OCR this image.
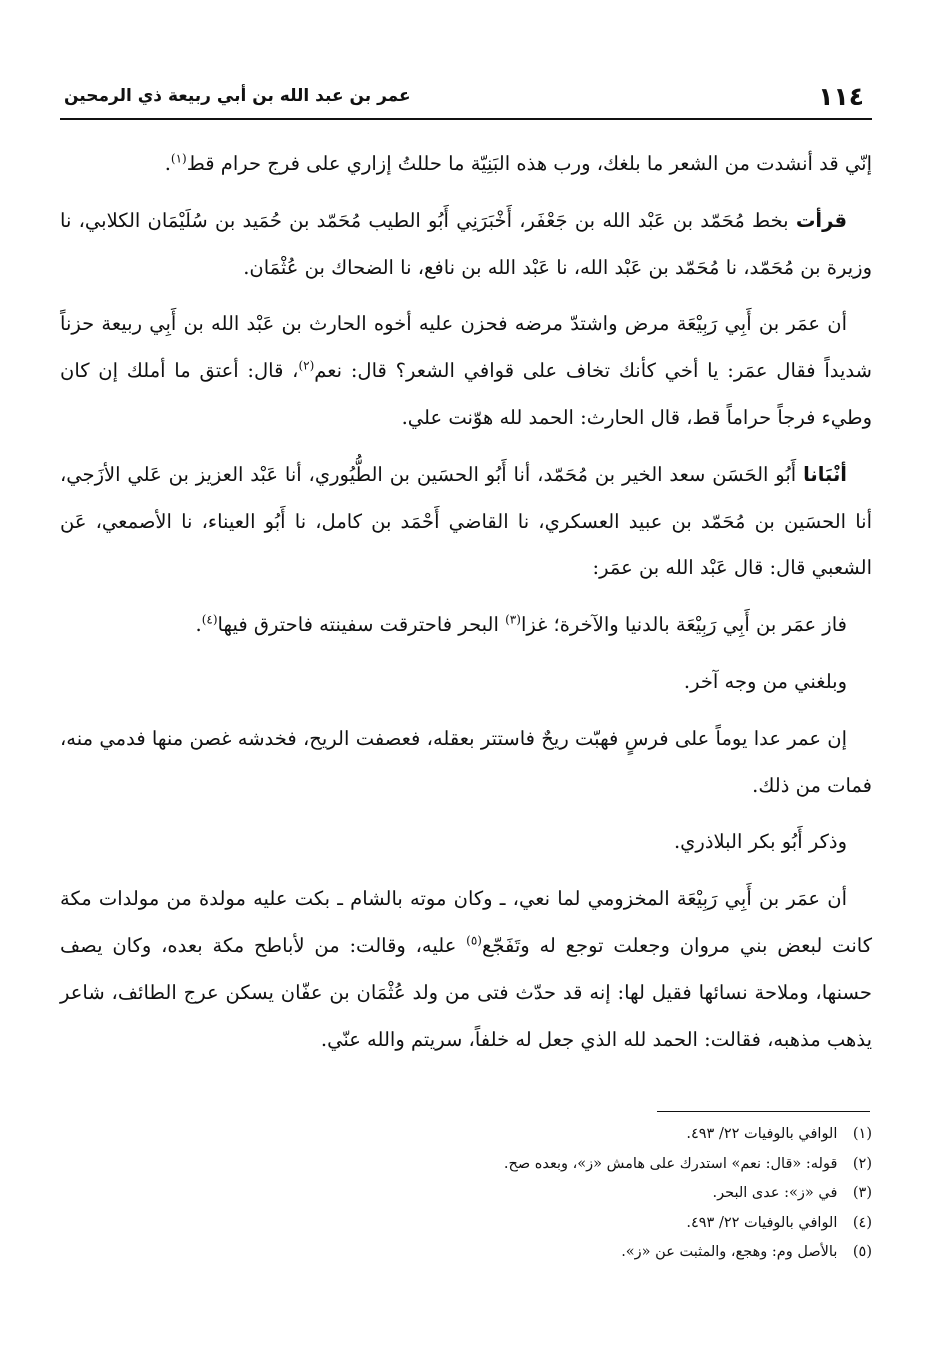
١١٤
عمر بن عبد الله بن أبي ربيعة ذي الرمحين

إنّي قد أنشدت من الشعر ما بلغك، ورب هذه البَنِيّة ما حللتُ إزاري على فرج حرام قط$^{(١)}$.

قرأت بخط مُحَمّد بن عَبْد الله بن جَعْفَر، أَخْبَرَنِي أَبُو الطيب مُحَمّد بن حُمَيد بن سُلَيْمَان الكلابي، نا وزيرة بن مُحَمّد، نا مُحَمّد بن عَبْد الله، نا عَبْد الله بن نافع، نا الضحاك بن عُثْمَان.

أن عمَر بن أَبِي رَبِيْعَة مرض واشتدّ مرضه فحزن عليه أخوه الحارث بن عَبْد الله بن أَبِي ربيعة حزناً شديداً فقال عمَر: يا أخي كأنك تخاف على قوافي الشعر؟ قال: نعم$^{(٢)}$، قال: أعتق ما أملك إن كان وطيء فرجاً حراماً قط، قال الحارث: الحمد لله هوّنت علي.

أنْبَانا أَبُو الحَسَن سعد الخير بن مُحَمّد، أنا أَبُو الحسَين بن الطُّيُوري، أنا عَبْد العزيز بن عَلي الأزَجي، أنا الحسَين بن مُحَمّد بن عبيد العسكري، نا القاضي أَحْمَد بن كامل، نا أَبُو العيناء، نا الأصمعي، عَن الشعبي قال: قال عَبْد الله بن عمَر:

فاز عمَر بن أَبِي رَبِيْعَة بالدنيا والآخرة؛ غزا$^{(٣)}$ البحر فاحترقت سفينته فاحترق فيها$^{(٤)}$.

وبلغني من وجه آخر.

إن عمر عدا يوماً على فرسٍ فهبّت ريحٌ فاستتر بعقله، فعصفت الريح، فخدشه غصن منها فدمي منه، فمات من ذلك.

وذكر أَبُو بكر البلاذري.

أن عمَر بن أَبِي رَبِيْعَة المخزومي لما نعي، ـ وكان موته بالشام ـ بكت عليه مولدة من مولدات مكة كانت لبعض بني مروان وجعلت توجع له وتَفَجّع$^{(٥)}$ عليه، وقالت: من لأباطح مكة بعده، وكان يصف حسنها، وملاحة نسائها فقيل لها: إنه قد حدّث فتى من ولد عُثْمَان بن عفّان يسكن عرج الطائف، شاعر يذهب مذهبه، فقالت: الحمد لله الذي جعل له خلفاً، سريتم والله عنّي.

(١) الوافي بالوفيات ٢٢/ ٤٩٣.

(٢) قوله: «قال: نعم» استدرك على هامش «ز»، وبعده صح.

(٣) في «ز»: عدى البحر.

(٤) الوافي بالوفيات ٢٢/ ٤٩٣.

(٥) بالأصل وم: وهجع، والمثبت عن «ز».
